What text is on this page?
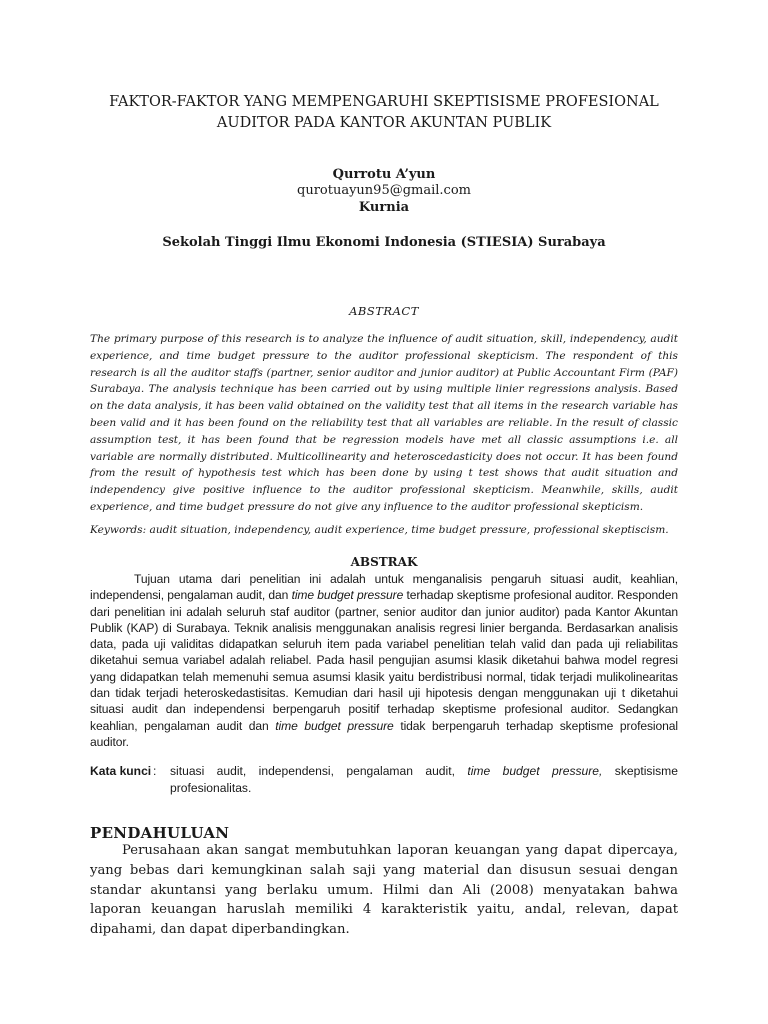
FAKTOR-FAKTOR YANG MEMPENGARUHI SKEPTISISME PROFESIONAL
AUDITOR PADA KANTOR AKUNTAN PUBLIK
Qurrotu A’yun
qurotuayun95@gmail.com
Kurnia
Sekolah Tinggi Ilmu Ekonomi Indonesia (STIESIA) Surabaya
ABSTRACT
The primary purpose of this research is to analyze the influence of audit situation, skill, independency, audit experience, and time budget pressure to the auditor professional skepticism. The respondent of this research is all the auditor staffs (partner, senior auditor and junior auditor) at Public Accountant Firm (PAF) Surabaya. The analysis technique has been carried out by using multiple linier regressions analysis. Based on the data analysis, it has been valid obtained on the validity test that all items in the research variable has been valid and it has been found on the reliability test that all variables are reliable. In the result of classic assumption test, it has been found that be regression models have met all classic assumptions i.e. all variable are normally distributed. Multicollinearity and heteroscedasticity does not occur. It has been found from the result of hypothesis test which has been done by using t test shows that audit situation and independency give positive influence to the auditor professional skepticism. Meanwhile, skills, audit experience, and time budget pressure do not give any influence to the auditor professional skepticism.
Keywords: audit situation, independency, audit experience, time budget pressure, professional skeptiscism.
ABSTRAK

Tujuan utama dari penelitian ini adalah untuk menganalisis pengaruh situasi audit, keahlian, independensi, pengalaman audit, dan time budget pressure terhadap skeptisme profesional auditor. Responden dari penelitian ini adalah seluruh staf auditor (partner, senior auditor dan junior auditor) pada Kantor Akuntan Publik (KAP) di Surabaya. Teknik analisis menggunakan analisis regresi linier berganda. Berdasarkan analisis data, pada uji validitas didapatkan seluruh item pada variabel penelitian telah valid dan pada uji reliabilitas diketahui semua variabel adalah reliabel. Pada hasil pengujian asumsi klasik diketahui bahwa model regresi yang didapatkan telah memenuhi semua asumsi klasik yaitu berdistribusi normal, tidak terjadi mulikolinearitas dan tidak terjadi heteroskedastisitas. Kemudian dari hasil uji hipotesis dengan menggunakan uji t diketahui situasi audit dan independensi berpengaruh positif terhadap skeptisme profesional auditor. Sedangkan keahlian, pengalaman audit dan time budget pressure tidak berpengaruh terhadap skeptisme profesional auditor.

Kata kunci : situasi audit, independensi, pengalaman audit, time budget pressure, skeptisisme profesionalitas.
PENDAHULUAN

Perusahaan akan sangat membutuhkan laporan keuangan yang dapat dipercaya, yang bebas dari kemungkinan salah saji yang material dan disusun sesuai dengan standar akuntansi yang berlaku umum. Hilmi dan Ali (2008) menyatakan bahwa laporan keuangan haruslah memiliki 4 karakteristik yaitu, andal, relevan, dapat dipahami, dan dapat diperbandingkan.
